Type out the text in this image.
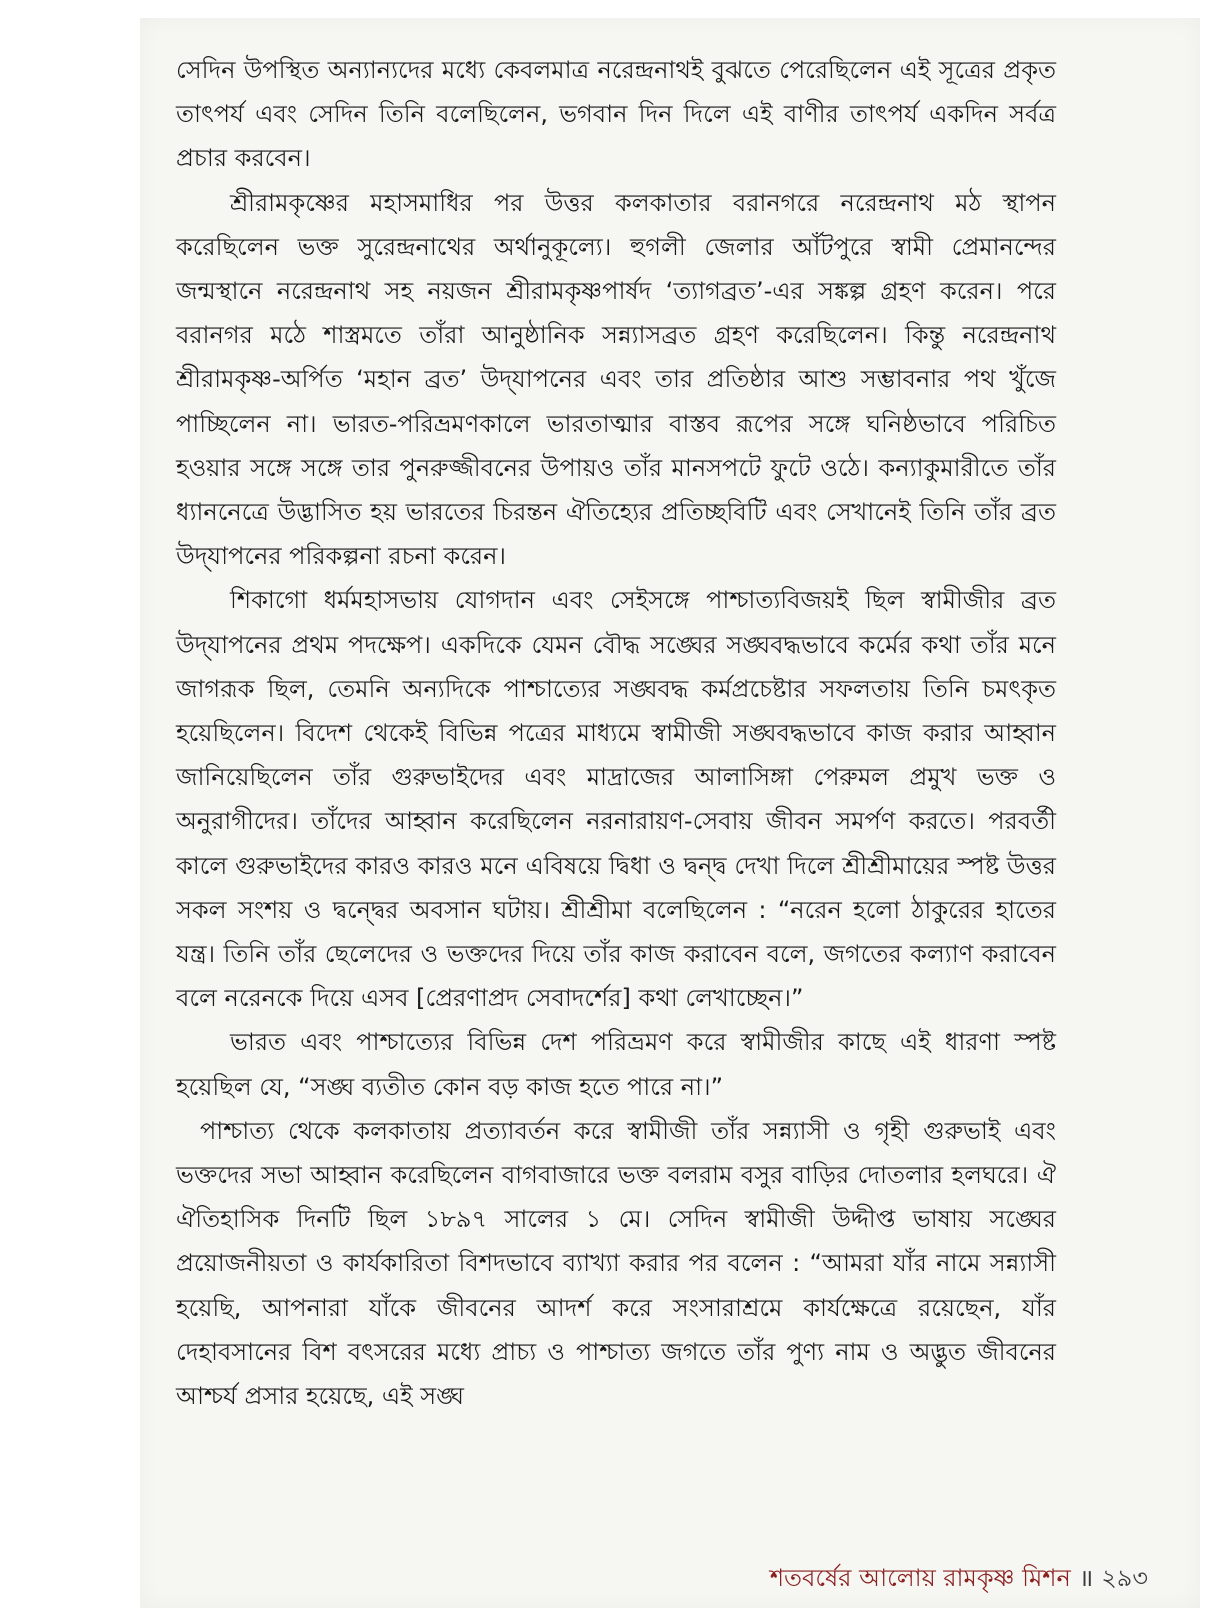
সেদিন উপস্থিত অন্যান্যদের মধ্যে কেবলমাত্র নরেন্দ্রনাথই বুঝতে পেরেছিলেন এই সূত্রের প্রকৃত তাৎপর্য এবং সেদিন তিনি বলেছিলেন, ভগবান দিন দিলে এই বাণীর তাৎপর্য একদিন সর্বত্র প্রচার করবেন।

শ্রীরামকৃষ্ণের মহাসমাধির পর উত্তর কলকাতার বরানগরে নরেন্দ্রনাথ মঠ স্থাপন করেছিলেন ভক্ত সুরেন্দ্রনাথের অর্থানুকূল্যে। হুগলী জেলার আঁটপুরে স্বামী প্রেমানন্দের জন্মস্থানে নরেন্দ্রনাথ সহ নয়জন শ্রীরামকৃষ্ণপার্ষদ ‘ত্যাগব্রত’-এর সঙ্কল্প গ্রহণ করেন। পরে বরানগর মঠে শাস্ত্রমতে তাঁরা আনুষ্ঠানিক সন্ন্যাসব্রত গ্রহণ করেছিলেন। কিন্তু নরেন্দ্রনাথ শ্রীরামকৃষ্ণ-অর্পিত ‘মহান ব্রত’ উদ্‌যাপনের এবং তার প্রতিষ্ঠার আশু সম্ভাবনার পথ খুঁজে পাচ্ছিলেন না। ভারত-পরিভ্রমণকালে ভারতাত্মার বাস্তব রূপের সঙ্গে ঘনিষ্ঠভাবে পরিচিত হওয়ার সঙ্গে সঙ্গে তার পুনরুজ্জীবনের উপায়ও তাঁর মানসপটে ফুটে ওঠে। কন্যাকুমারীতে তাঁর ধ্যাননেত্রে উদ্ভাসিত হয় ভারতের চিরন্তন ঐতিহ্যের প্রতিচ্ছবিটি এবং সেখানেই তিনি তাঁর ব্রত উদ্‌যাপনের পরিকল্পনা রচনা করেন।

শিকাগো ধর্মমহাসভায় যোগদান এবং সেইসঙ্গে পাশ্চাত্যবিজয়ই ছিল স্বামীজীর ব্রত উদ্‌যাপনের প্রথম পদক্ষেপ। একদিকে যেমন বৌদ্ধ সঙ্ঘের সঙ্ঘবদ্ধভাবে কর্মের কথা তাঁর মনে জাগরূক ছিল, তেমনি অন্যদিকে পাশ্চাত্যের সঙ্ঘবদ্ধ কর্মপ্রচেষ্টার সফলতায় তিনি চমৎকৃত হয়েছিলেন। বিদেশ থেকেই বিভিন্ন পত্রের মাধ্যমে স্বামীজী সঙ্ঘবদ্ধভাবে কাজ করার আহ্বান জানিয়েছিলেন তাঁর গুরুভাইদের এবং মাদ্রাজের আলাসিঙ্গা পেরুমল প্রমুখ ভক্ত ও অনুরাগীদের। তাঁদের আহ্বান করেছিলেন নরনারায়ণ-সেবায় জীবন সমর্পণ করতে। পরবর্তী কালে গুরুভাইদের কারও কারও মনে এবিষয়ে দ্বিধা ও দ্বন্দ্ব দেখা দিলে শ্রীশ্রীমায়ের স্পষ্ট উত্তর সকল সংশয় ও দ্বন্দ্বের অবসান ঘটায়। শ্রীশ্রীমা বলেছিলেন : “নরেন হলো ঠাকুরের হাতের যন্ত্র। তিনি তাঁর ছেলেদের ও ভক্তদের দিয়ে তাঁর কাজ করাবেন বলে, জগতের কল্যাণ করাবেন বলে নরেনকে দিয়ে এসব [প্রেরণাপ্রদ সেবাদর্শের] কথা লেখাচ্ছেন।”

ভারত এবং পাশ্চাত্যের বিভিন্ন দেশ পরিভ্রমণ করে স্বামীজীর কাছে এই ধারণা স্পষ্ট হয়েছিল যে, “সঙ্ঘ ব্যতীত কোন বড় কাজ হতে পারে না।”

পাশ্চাত্য থেকে কলকাতায় প্রত্যাবর্তন করে স্বামীজী তাঁর সন্ন্যাসী ও গৃহী গুরুভাই এবং ভক্তদের সভা আহ্বান করেছিলেন বাগবাজারে ভক্ত বলরাম বসুর বাড়ির দোতলার হলঘরে। ঐ ঐতিহাসিক দিনটি ছিল ১৮৯৭ সালের ১ মে। সেদিন স্বামীজী উদ্দীপ্ত ভাষায় সঙ্ঘের প্রয়োজনীয়তা ও কার্যকারিতা বিশদভাবে ব্যাখ্যা করার পর বলেন : “আমরা যাঁর নামে সন্ন্যাসী হয়েছি, আপনারা যাঁকে জীবনের আদর্শ করে সংসারাশ্রমে কার্যক্ষেত্রে রয়েছেন, যাঁর দেহাবসানের বিশ বৎসরের মধ্যে প্রাচ্য ও পাশ্চাত্য জগতে তাঁর পুণ্য নাম ও অদ্ভুত জীবনের আশ্চর্য প্রসার হয়েছে, এই সঙ্ঘ

শতবর্ষের আলোয় রামকৃষ্ণ মিশন ॥ ২৯৩
